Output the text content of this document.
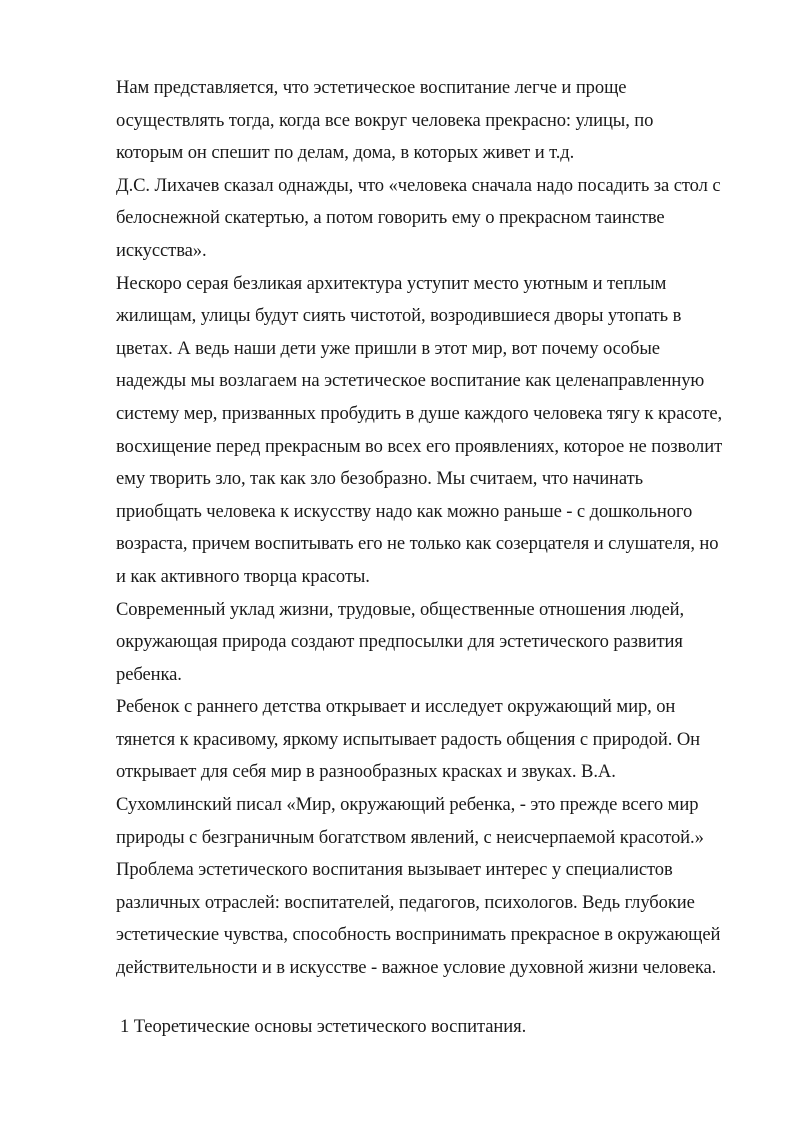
Нам представляется, что эстетическое воспитание легче и проще
осуществлять тогда, когда все вокруг человека прекрасно: улицы, по
которым он спешит по делам, дома, в которых живет и т.д.
Д.С. Лихачев сказал однажды, что «человека сначала надо посадить за стол с
белоснежной скатертью, а потом говорить ему о прекрасном таинстве
искусства».
Нескоро серая безликая архитектура уступит место уютным и теплым
жилищам, улицы будут сиять чистотой, возродившиеся дворы утопать в
цветах. А ведь наши дети уже пришли в этот мир, вот почему особые
надежды мы возлагаем на эстетическое воспитание как целенаправленную
систему мер, призванных пробудить в душе каждого человека тягу к красоте,
восхищение перед прекрасным во всех его проявлениях, которое не позволит
ему творить зло, так как зло безобразно. Мы считаем, что начинать
приобщать человека к искусству надо как можно раньше - с дошкольного
возраста, причем воспитывать его не только как созерцателя и слушателя, но
и как активного творца красоты.
Современный уклад жизни, трудовые, общественные отношения людей,
окружающая природа создают предпосылки для эстетического развития
ребенка.
Ребенок с раннего детства открывает и исследует окружающий мир, он
тянется к красивому, яркому испытывает радость общения с природой. Он
открывает для себя мир в разнообразных красках и звуках. В.А.
Сухомлинский писал «Мир, окружающий ребенка, - это прежде всего мир
природы с безграничным богатством явлений, с неисчерпаемой красотой.»
Проблема эстетического воспитания вызывает интерес у специалистов
различных отраслей: воспитателей, педагогов, психологов. Ведь глубокие
эстетические чувства, способность воспринимать прекрасное в окружающей
действительности и в искусстве - важное условие духовной жизни человека.
1 Теоретические основы эстетического воспитания.
